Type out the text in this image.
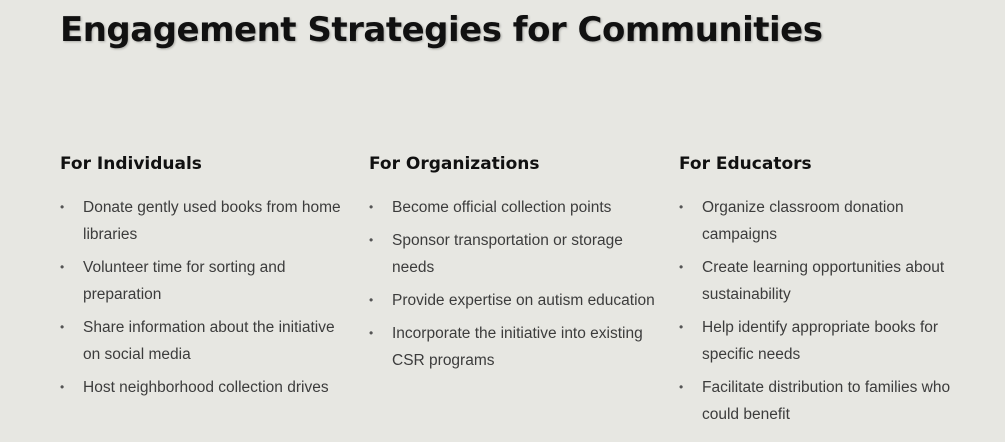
Engagement Strategies for Communities
For Individuals
• Donate gently used books from home libraries
• Volunteer time for sorting and preparation
• Share information about the initiative on social media
• Host neighborhood collection drives
For Organizations
• Become official collection points
• Sponsor transportation or storage needs
• Provide expertise on autism education
• Incorporate the initiative into existing CSR programs
For Educators
• Organize classroom donation campaigns
• Create learning opportunities about sustainability
• Help identify appropriate books for specific needs
• Facilitate distribution to families who could benefit
